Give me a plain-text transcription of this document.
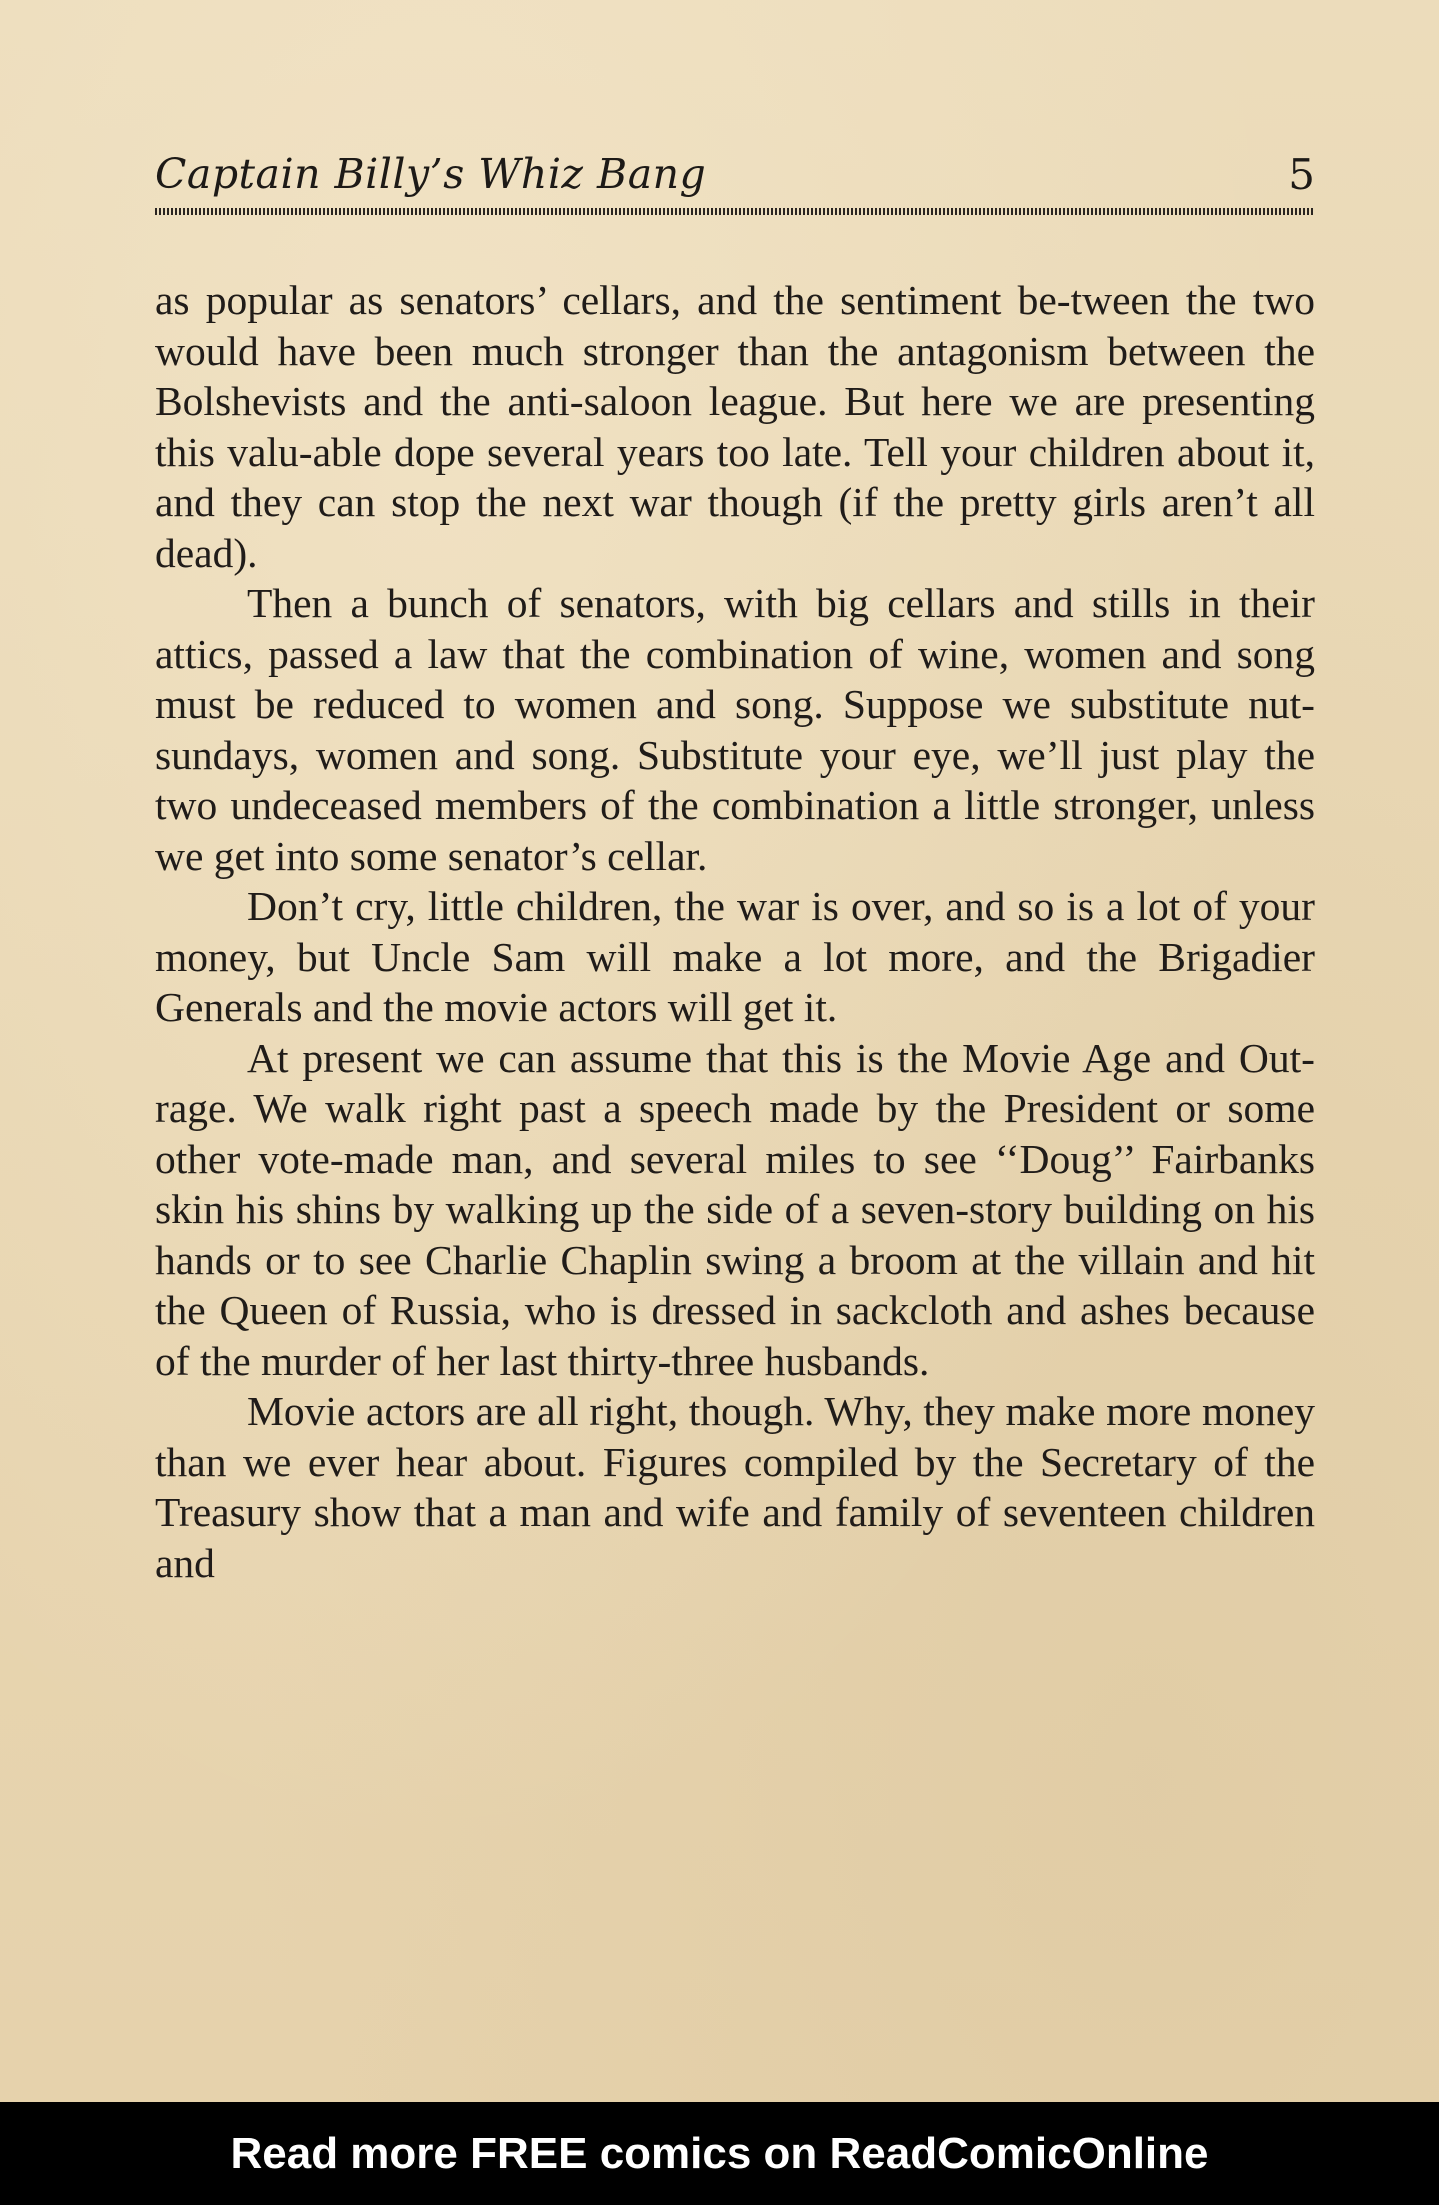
Captain Billy’s Whiz Bang	5

as popular as senators’ cellars, and the sentiment be-tween the two would have been much stronger than the antagonism between the Bolshevists and the anti-saloon league. But here we are presenting this valu-able dope several years too late. Tell your children about it, and they can stop the next war though (if the pretty girls aren’t all dead).

Then a bunch of senators, with big cellars and stills in their attics, passed a law that the combination of wine, women and song must be reduced to women and song. Suppose we substitute nut-sundays, women and song. Substitute your eye, we’ll just play the two undeceased members of the combination a little stronger, unless we get into some senator’s cellar.

Don’t cry, little children, the war is over, and so is a lot of your money, but Uncle Sam will make a lot more, and the Brigadier Generals and the movie actors will get it.

At present we can assume that this is the Movie Age and Out-rage. We walk right past a speech made by the President or some other vote-made man, and several miles to see ‘‘Doug’’ Fairbanks skin his shins by walking up the side of a seven-story building on his hands or to see Charlie Chaplin swing a broom at the villain and hit the Queen of Russia, who is dressed in sackcloth and ashes because of the murder of her last thirty-three husbands.

Movie actors are all right, though. Why, they make more money than we ever hear about. Figures compiled by the Secretary of the Treasury show that a man and wife and family of seventeen children and

Read more FREE comics on ReadComicOnline
